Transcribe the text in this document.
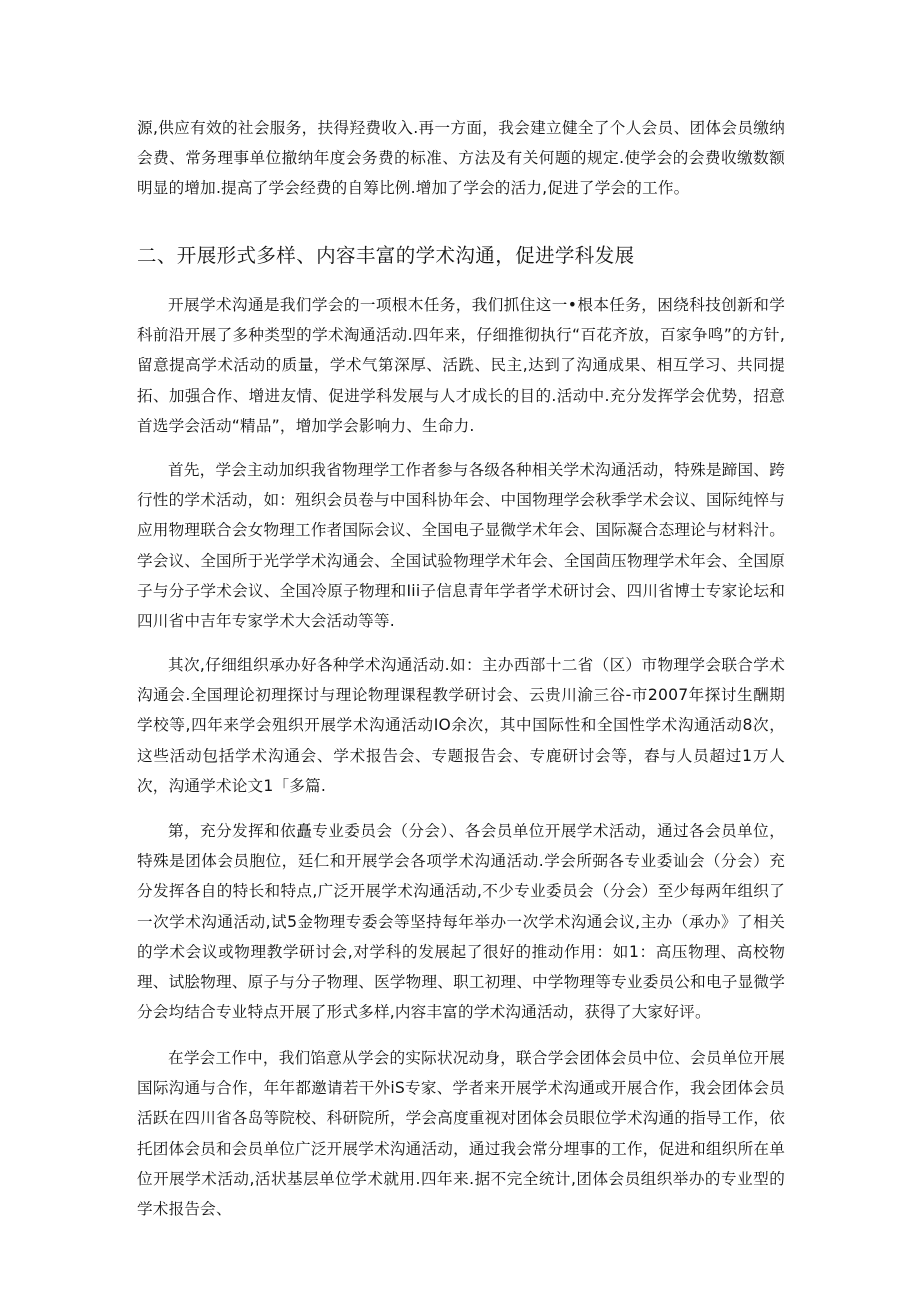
源,供应有效的社会服务，扶得羟费收入.再一方面，我会建立健全了个人会员、团体会员缴纳会费、常务理事单位撤纳年度会务费的标准、方法及有关何题的规定.使学会的会费收缴数额明显的增加.提高了学会经费的自筹比例.增加了学会的活力,促进了学会的工作。

二、开展形式多样、内容丰富的学术沟通，促进学科发展

开展学术沟通是我们学会的一项根木任务，我们抓住这一•根本任务，困绕科技创新和学科前沿开展了多种类型的学术淘通活动.四年来，仔细推彻执行“百花齐放，百家争鸣”的方针,留意提高学术活动的质量，学术气第深厚、活跣、民主,达到了沟通成果、相互学习、共同提拓、加强合作、增进友情、促进学科发展与人才成长的目的.活动中.充分发挥学会优势，招意首选学会活动“精品”，增加学会影响力、生命力.

首先，学会主动加织我省物理学工作者参与各级各种相关学术沟通活动，特殊是蹄国、跨行性的学术活动，如：殂织会员卷与中国科协年会、中国物理学会秋季学术会议、国际纯悴与应用物理联合会女物理工作者国际会议、全国电子显微学术年会、国际凝合态理论与材料汁。学会议、全国所于光学学术沟通会、全国试验物理学术年会、全国茴压物理学术年会、全国原子与分子学术会议、全国冷原子物理和Iii子信息青年学者学术研讨会、四川省博士专家论坛和四川省中吉年专家学术大会活动等等.

其次,仔细组织承办好各种学术沟通活动.如：主办西部十二省（区）市物理学会联合学术沟通会.全国理论初理探讨与理论物理课程教学研讨会、云贵川渝三谷-市2007年探讨生酬期学校等,四年来学会殂织开展学术沟通活动IO余次，其中国际性和全国性学术沟通活动8次，这些活动包括学术沟通会、学术报告会、专题报告会、专鹿研讨会等，舂与人员超过1万人次，沟通学术论文1「多篇.

第，充分发挥和依矗专业委员会（分会）、各会员单位开展学术活动，通过各会员单位，特殊是团体会员胞位，廷仁和开展学会各项学术沟通活动.学会所弼各专业委讪会（分会）充分发挥各自的特长和特点,广泛开展学术沟通活动,不少专业委员会（分会）至少每两年组织了一次学术沟通活动,试5金物理专委会等坚持每年举办一次学术沟通会议,主办（承办》了相关的学术会议或物理教学研讨会,对学科的发展起了很好的推动作用：如1：高压物理、高校物理、试脍物理、原子与分子物理、医学物理、职工初理、中学物理等专业委员公和电子显微学分会均结合专业特点开展了形式多样,内容丰富的学术沟通活动，获得了大家好评。

在学会工作中，我们馅意从学会的实际状况动身，联合学会团体会员中位、会员单位开展国际沟通与合作，年年都邀请若干外iS专家、学者来开展学术沟通或开展合作，我会团体会员活跃在四川省各岛等院校、科研院所，学会高度重视对团体会员眼位学术沟通的指导工作，依托团体会员和会员单位广泛开展学术沟通活动，通过我会常分埋事的工作，促进和组织所在单位开展学术活动,活状基层单位学术就用.四年来.据不完全统计,团体会员组织举办的专业型的学术报告会、
